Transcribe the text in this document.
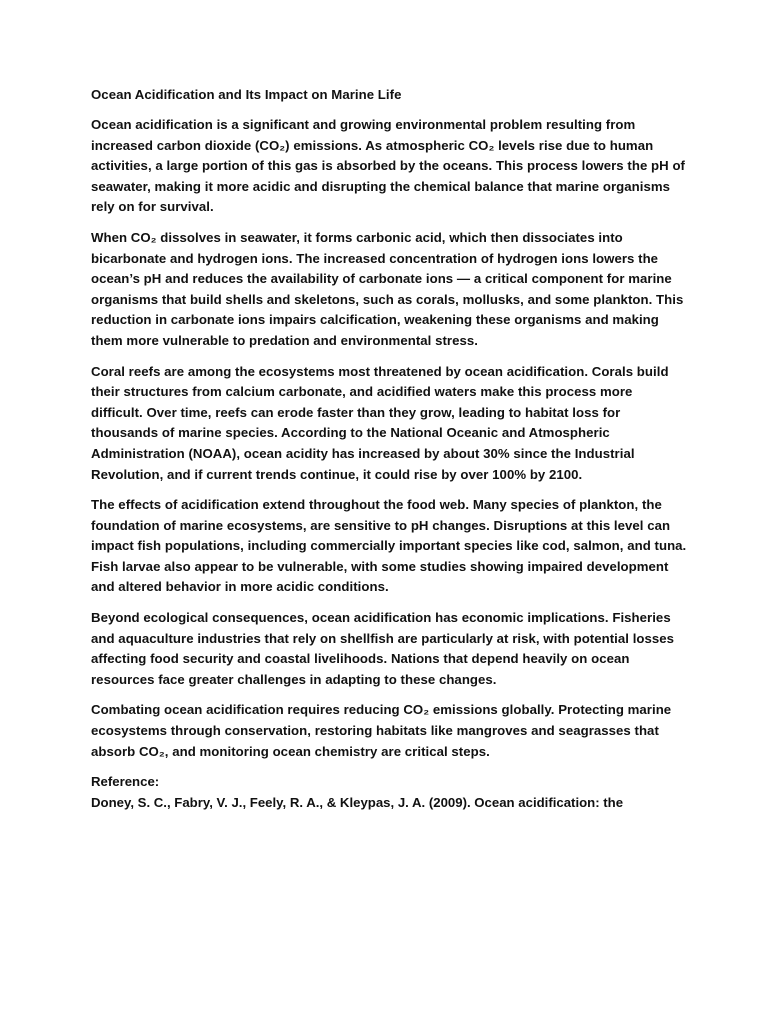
Ocean Acidification and Its Impact on Marine Life

Ocean acidification is a significant and growing environmental problem resulting from increased carbon dioxide (CO₂) emissions. As atmospheric CO₂ levels rise due to human activities, a large portion of this gas is absorbed by the oceans. This process lowers the pH of seawater, making it more acidic and disrupting the chemical balance that marine organisms rely on for survival.

When CO₂ dissolves in seawater, it forms carbonic acid, which then dissociates into bicarbonate and hydrogen ions. The increased concentration of hydrogen ions lowers the ocean’s pH and reduces the availability of carbonate ions — a critical component for marine organisms that build shells and skeletons, such as corals, mollusks, and some plankton. This reduction in carbonate ions impairs calcification, weakening these organisms and making them more vulnerable to predation and environmental stress.

Coral reefs are among the ecosystems most threatened by ocean acidification. Corals build their structures from calcium carbonate, and acidified waters make this process more difficult. Over time, reefs can erode faster than they grow, leading to habitat loss for thousands of marine species. According to the National Oceanic and Atmospheric Administration (NOAA), ocean acidity has increased by about 30% since the Industrial Revolution, and if current trends continue, it could rise by over 100% by 2100.

The effects of acidification extend throughout the food web. Many species of plankton, the foundation of marine ecosystems, are sensitive to pH changes. Disruptions at this level can impact fish populations, including commercially important species like cod, salmon, and tuna. Fish larvae also appear to be vulnerable, with some studies showing impaired development and altered behavior in more acidic conditions.

Beyond ecological consequences, ocean acidification has economic implications. Fisheries and aquaculture industries that rely on shellfish are particularly at risk, with potential losses affecting food security and coastal livelihoods. Nations that depend heavily on ocean resources face greater challenges in adapting to these changes.

Combating ocean acidification requires reducing CO₂ emissions globally. Protecting marine ecosystems through conservation, restoring habitats like mangroves and seagrasses that absorb CO₂, and monitoring ocean chemistry are critical steps.

Reference:
Doney, S. C., Fabry, V. J., Feely, R. A., & Kleypas, J. A. (2009). Ocean acidification: the
